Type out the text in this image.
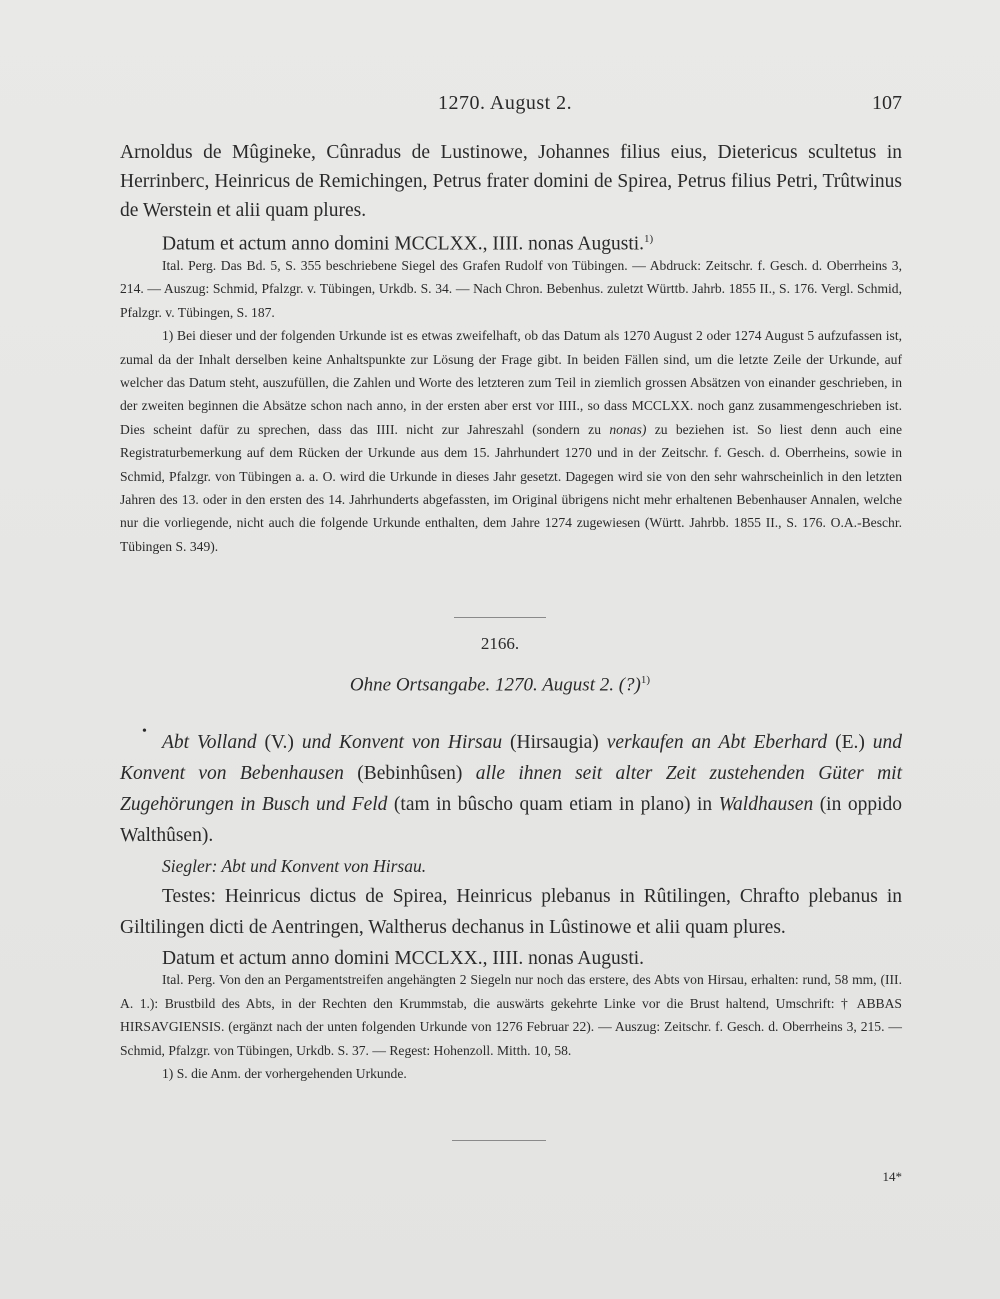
1270. August 2.	107

Arnoldus de Mûgineke, Cûnradus de Lustinowe, Johannes filius eius, Dietericus scultetus in Herrinberc, Heinricus de Remichingen, Petrus frater domini de Spirea, Petrus filius Petri, Trûtwinus de Werstein et alii quam plures.

Datum et actum anno domini MCCLXX., IIII. nonas Augusti.$^{1)}$

Ital. Perg. Das Bd. 5, S. 355 beschriebene Siegel des Grafen Rudolf von Tübingen. — Abdruck: Zeitschr. f. Gesch. d. Oberrheins 3, 214. — Auszug: Schmid, Pfalzgr. v. Tübingen, Urkdb. S. 34. — Nach Chron. Bebenhus. zuletzt Württb. Jahrb. 1855 II., S. 176. Vergl. Schmid, Pfalzgr. v. Tübingen, S. 187.

1) Bei dieser und der folgenden Urkunde ist es etwas zweifelhaft, ob das Datum als 1270 August 2 oder 1274 August 5 aufzufassen ist, zumal da der Inhalt derselben keine Anhaltspunkte zur Lösung der Frage gibt. In beiden Fällen sind, um die letzte Zeile der Urkunde, auf welcher das Datum steht, auszufüllen, die Zahlen und Worte des letzteren zum Teil in ziemlich grossen Absätzen von einander geschrieben, in der zweiten beginnen die Absätze schon nach anno, in der ersten aber erst vor IIII., so dass MCCLXX. noch ganz zusammengeschrieben ist. Dies scheint dafür zu sprechen, dass das IIII. nicht zur Jahreszahl (sondern zu nonas) zu beziehen ist. So liest denn auch eine Registraturbemerkung auf dem Rücken der Urkunde aus dem 15. Jahrhundert 1270 und in der Zeitschr. f. Gesch. d. Oberrheins, sowie in Schmid, Pfalzgr. von Tübingen a. a. O. wird die Urkunde in dieses Jahr gesetzt. Dagegen wird sie von den sehr wahrscheinlich in den letzten Jahren des 13. oder in den ersten des 14. Jahrhunderts abgefassten, im Original übrigens nicht mehr erhaltenen Bebenhauser Annalen, welche nur die vorliegende, nicht auch die folgende Urkunde enthalten, dem Jahre 1274 zugewiesen (Württ. Jahrbb. 1855 II., S. 176. O.A.-Beschr. Tübingen S. 349).

2166.
Ohne Ortsangabe. 1270. August 2. (?)$^{1)}$
•

Abt Volland (V.) und Konvent von Hirsau (Hirsaugia) verkaufen an Abt Eberhard (E.) und Konvent von Bebenhausen (Bebinhûsen) alle ihnen seit alter Zeit zustehenden Güter mit Zugehörungen in Busch und Feld (tam in bûscho quam etiam in plano) in Waldhausen (in oppido Walthûsen).

Siegler: Abt und Konvent von Hirsau.

Testes: Heinricus dictus de Spirea, Heinricus plebanus in Rûtilingen, Chrafto plebanus in Giltilingen dicti de Aentringen, Waltherus dechanus in Lûstinowe et alii quam plures.

Datum et actum anno domini MCCLXX., IIII. nonas Augusti.

Ital. Perg. Von den an Pergamentstreifen angehängten 2 Siegeln nur noch das erstere, des Abts von Hirsau, erhalten: rund, 58 mm, (III. A. 1.): Brustbild des Abts, in der Rechten den Krummstab, die auswärts gekehrte Linke vor die Brust haltend, Umschrift: † ABBAS HIRSAVGIENSIS. (ergänzt nach der unten folgenden Urkunde von 1276 Februar 22). — Auszug: Zeitschr. f. Gesch. d. Oberrheins 3, 215. — Schmid, Pfalzgr. von Tübingen, Urkdb. S. 37. — Regest: Hohenzoll. Mitth. 10, 58.

1) S. die Anm. der vorhergehenden Urkunde.

14*
